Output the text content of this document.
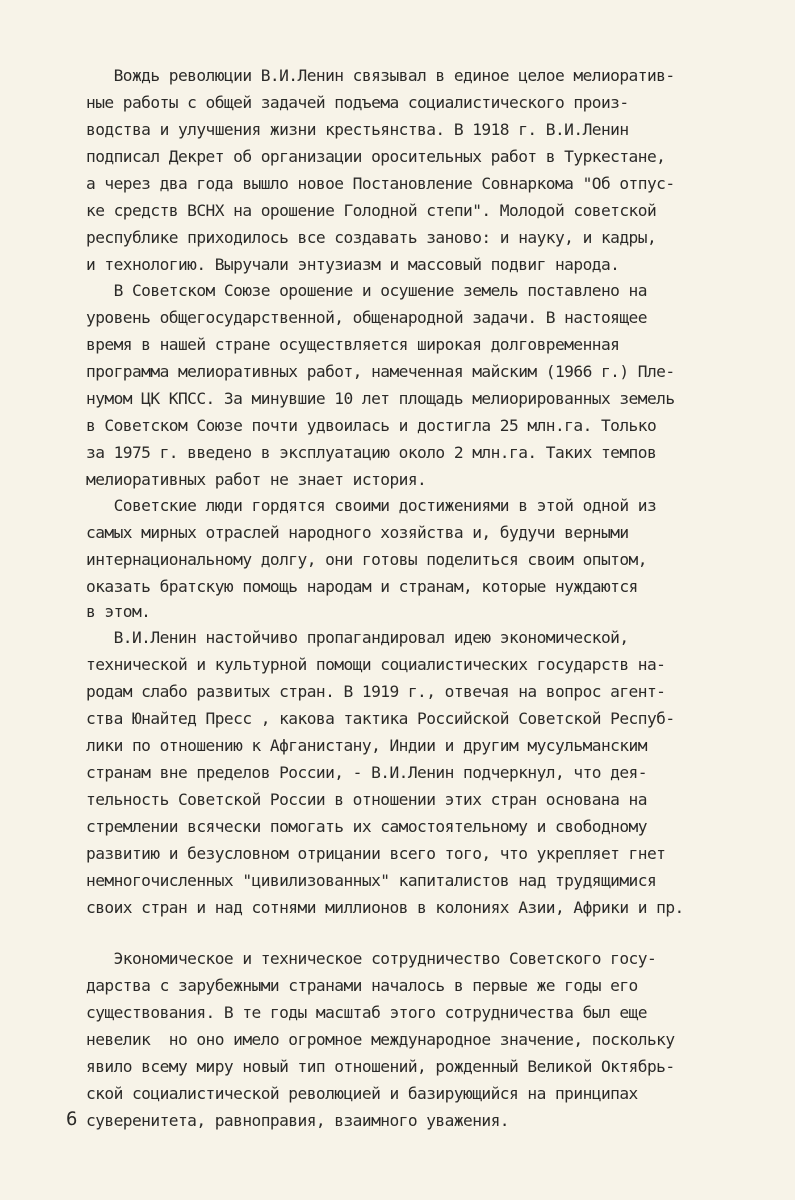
Вождь революции В.И.Ленин связывал в единое целое мелиоратив-

ные работы с общей задачей подъема социалистического произ-

водства и улучшения жизни крестьянства. В 1918 г. В.И.Ленин

подписал Декрет об организации оросительных работ в Туркестане,

а через два года вышло новое Постановление Совнаркома "Об отпус-

ке средств ВСНХ на орошение Голодной степи". Молодой советской

республике приходилось все создавать заново: и науку, и кадры,

и технологию. Выручали энтузиазм и массовый подвиг народа.

В Советском Союзе орошение и осушение земель поставлено на

уровень общегосударственной, общенародной задачи. В настоящее

время в нашей стране осуществляется широкая долговременная

программа мелиоративных работ, намеченная майским (1966 г.) Пле-

нумом ЦК КПСС. За минувшие 10 лет площадь мелиорированных земель

в Советском Союзе почти удвоилась и достигла 25 млн.га. Только

за 1975 г. введено в эксплуатацию около 2 млн.га. Таких темпов

мелиоративных работ не знает история.

Советские люди гордятся своими достижениями в этой одной из

самых мирных отраслей народного хозяйства и, будучи верными

интернациональному долгу, они готовы поделиться своим опытом,

оказать братскую помощь народам и странам, которые нуждаются

в этом.

В.И.Ленин настойчиво пропагандировал идею экономической,

технической и культурной помощи социалистических государств на-

родам слабо развитых стран. В 1919 г., отвечая на вопрос агент-

ства Юнайтед Пресс , какова тактика Российской Советской Респуб-

лики по отношению к Афганистану, Индии и другим мусульманским

странам вне пределов России, - В.И.Ленин подчеркнул, что дея-

тельность Советской России в отношении этих стран основана на

стремлении всячески помогать их самостоятельному и свободному

развитию и безусловном отрицании всего того, что укрепляет гнет

немногочисленных "цивилизованных" капиталистов над трудящимися

своих стран и над сотнями миллионов в колониях Азии, Африки и пр.

Экономическое и техническое сотрудничество Советского госу-

дарства с зарубежными странами началось в первые же годы его

существования. В те годы масштаб этого сотрудничества был еще

невелик  но оно имело огромное международное значение, поскольку

явило всему миру новый тип отношений, рожденный Великой Октябрь-

ской социалистической революцией и базирующийся на принципах

суверенитета, равноправия, взаимного уважения.

6
